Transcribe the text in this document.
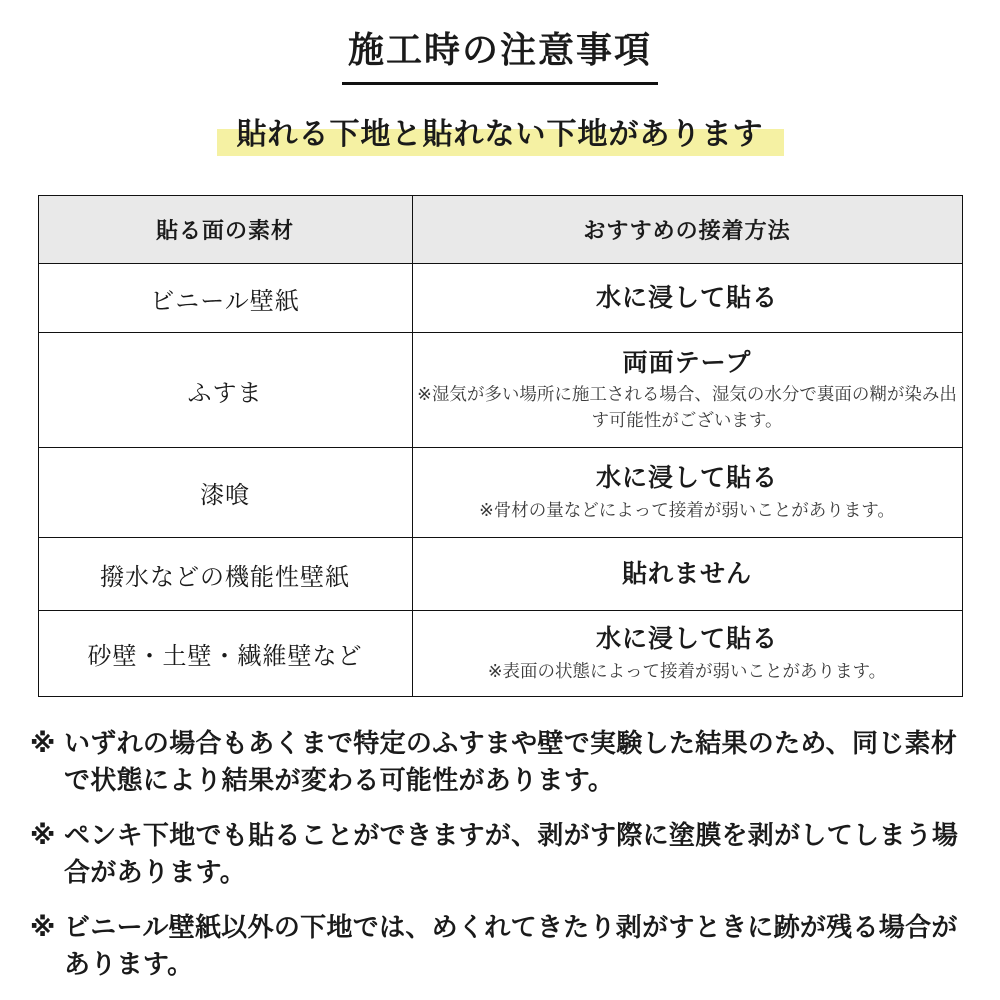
施工時の注意事項
貼れる下地と貼れない下地があります
貼る面の素材	おすすめの接着方法
ビニール壁紙	水に浸して貼る

ふすま	両面テープ
※湿気が多い場所に施工される場合、湿気の水分で裏面の糊が染み出す可能性がございます。

漆喰	水に浸して貼る
※骨材の量などによって接着が弱いことがあります。

撥水などの機能性壁紙	貼れません

砂壁・土壁・繊維壁など	水に浸して貼る
※表面の状態によって接着が弱いことがあります。
※ いずれの場合もあくまで特定のふすまや壁で実験した結果のため、同じ素材で状態により結果が変わる可能性があります。
※ ペンキ下地でも貼ることができますが、剥がす際に塗膜を剥がしてしまう場合があります。
※ ビニール壁紙以外の下地では、めくれてきたり剥がすときに跡が残る場合があります。
